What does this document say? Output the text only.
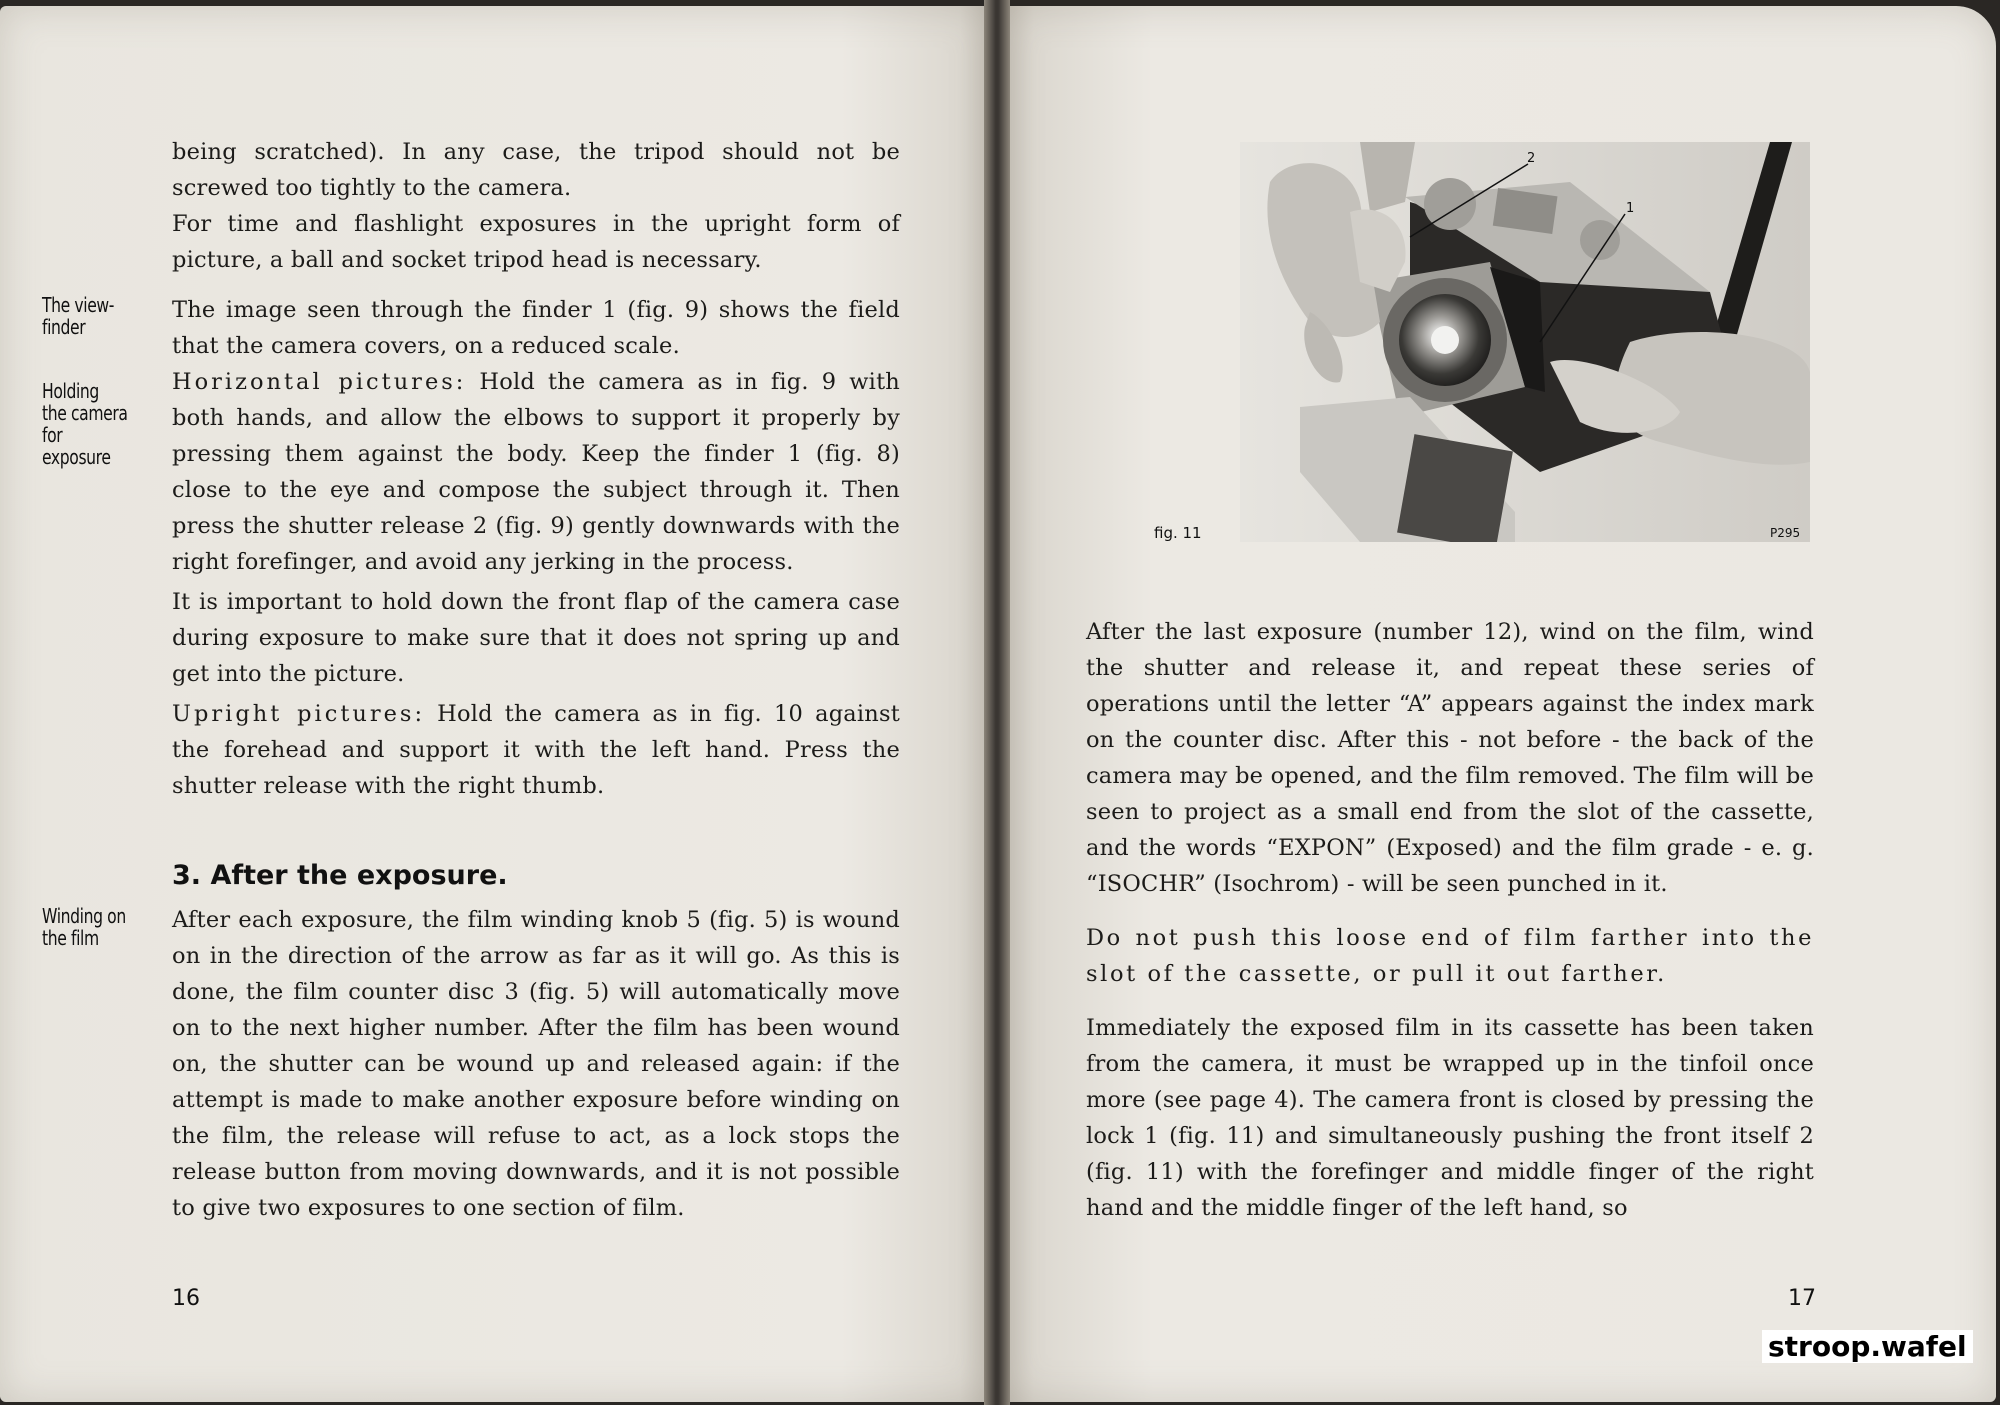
being scratched). In any case, the tripod should not be screwed too tightly to the camera.

For time and flashlight exposures in the upright form of picture, a ball and socket tripod head is necessary.

The image seen through the finder 1 (fig. 9) shows the field that the camera covers, on a reduced scale.

Horizontal pictures: Hold the camera as in fig. 9 with both hands, and allow the elbows to support it properly by pressing them against the body. Keep the finder 1 (fig. 8) close to the eye and compose the subject through it. Then press the shutter release 2 (fig. 9) gently downwards with the right forefinger, and avoid any jerking in the process.

It is important to hold down the front flap of the camera case during exposure to make sure that it does not spring up and get into the picture.

Upright pictures: Hold the camera as in fig. 10 against the forehead and support it with the left hand. Press the shutter release with the right thumb.

3. After the exposure.

After each exposure, the film winding knob 5 (fig. 5) is wound on in the direction of the arrow as far as it will go. As this is done, the film counter disc 3 (fig. 5) will automatically move on to the next higher number. After the film has been wound on, the shutter can be wound up and released again: if the attempt is made to make another exposure before winding on the film, the release will refuse to act, as a lock stops the release button from moving downwards, and it is not possible to give two exposures to one section of film.

The view-finder
Holding the camera for exposure
Winding on the film
16
fig. 11
2
1
P295

After the last exposure (number 12), wind on the film, wind the shutter and release it, and repeat these series of operations until the letter “A” appears against the index mark on the counter disc. After this - not before - the back of the camera may be opened, and the film removed. The film will be seen to project as a small end from the slot of the cassette, and the words “EXPON” (Exposed) and the film grade - e. g. “ISOCHR” (Isochrom) - will be seen punched in it.

Do not push this loose end of film farther into the slot of the cassette, or pull it out farther.

Immediately the exposed film in its cassette has been taken from the camera, it must be wrapped up in the tinfoil once more (see page 4). The camera front is closed by pressing the lock 1 (fig. 11) and simultaneously pushing the front itself 2 (fig. 11) with the forefinger and middle finger of the right hand and the middle finger of the left hand, so

17
stroop.wafel
